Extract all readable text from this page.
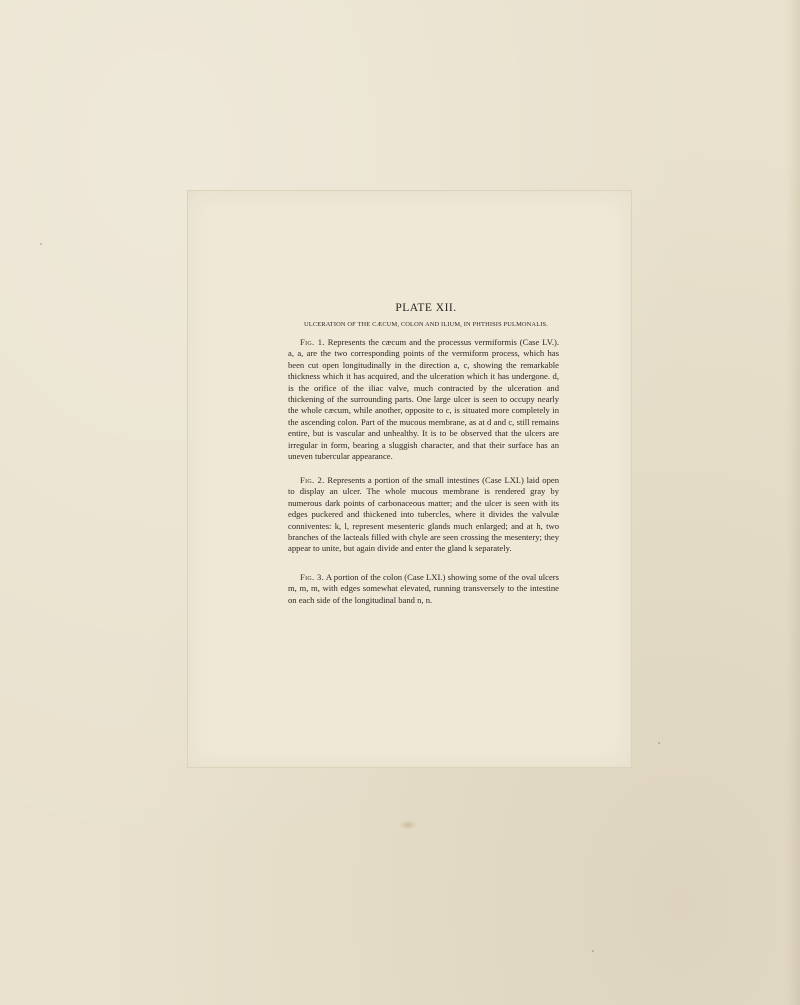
PLATE XII.
ULCERATION OF THE CÆCUM, COLON AND ILIUM, IN PHTHISIS PULMONALIS.

Fig. 1. Represents the cæcum and the processus vermiformis (Case LV.). a, a, are the two corresponding points of the vermiform process, which has been cut open longitudinally in the direction a, c, showing the remarkable thickness which it has acquired, and the ulceration which it has undergone. d, is the orifice of the iliac valve, much contracted by the ulceration and thickening of the surrounding parts. One large ulcer is seen to occupy nearly the whole cæcum, while another, opposite to c, is situated more completely in the ascending colon. Part of the mucous membrane, as at d and c, still remains entire, but is vascular and unhealthy. It is to be observed that the ulcers are irregular in form, bearing a sluggish character, and that their surface has an uneven tubercular appearance.

Fig. 2. Represents a portion of the small intestines (Case LXI.) laid open to display an ulcer. The whole mucous membrane is rendered gray by numerous dark points of carbonaceous matter; and the ulcer is seen with its edges puckered and thickened into tubercles, where it divides the valvulæ conniventes: k, l, represent mesenteric glands much enlarged; and at h, two branches of the lacteals filled with chyle are seen crossing the mesentery; they appear to unite, but again divide and enter the gland k separately.

Fig. 3. A portion of the colon (Case LXI.) showing some of the oval ulcers m, m, m, with edges somewhat elevated, running transversely to the intestine on each side of the longitudinal band n, n.
